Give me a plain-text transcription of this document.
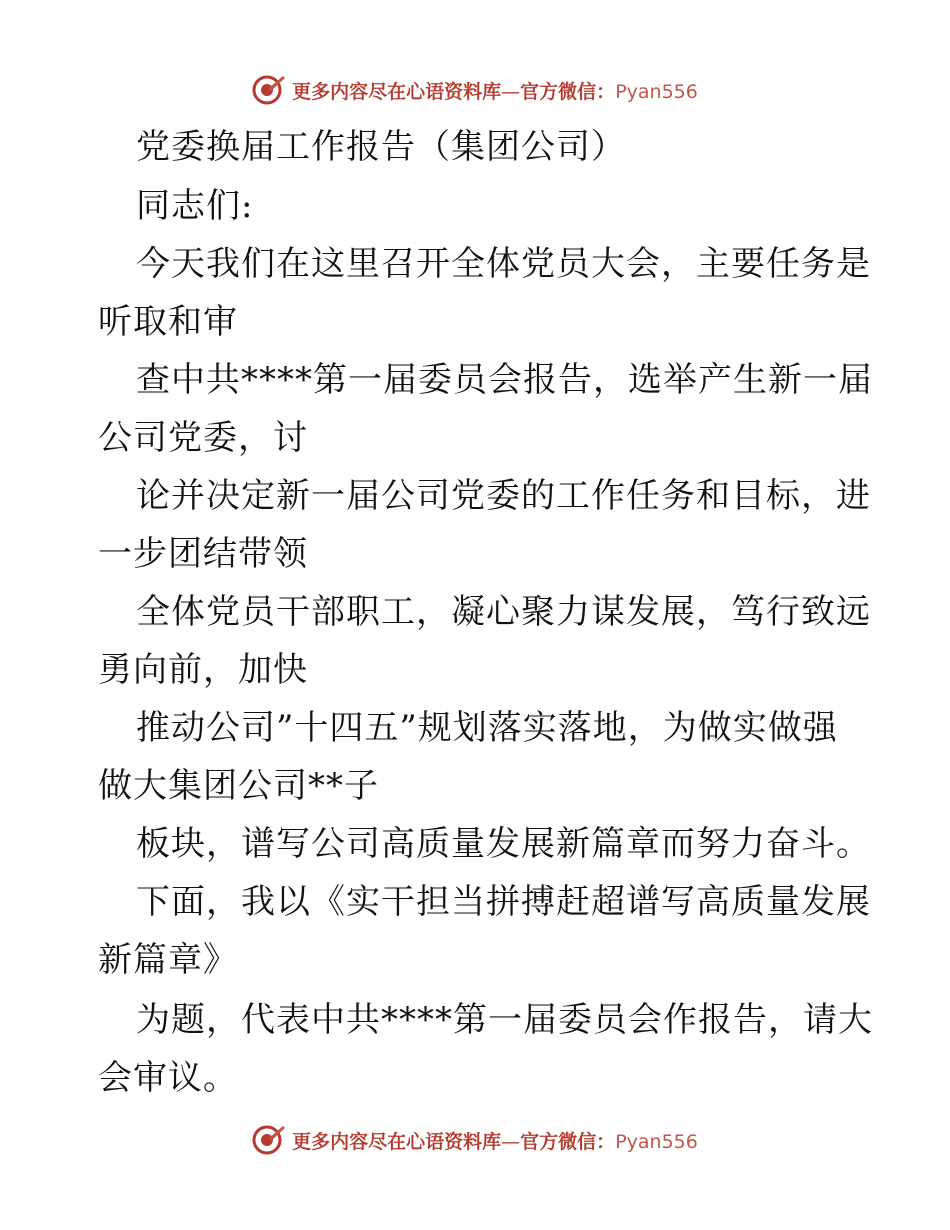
更多内容尽在心语资料库—官方微信：Pyan556
党委换届工作报告（集团公司）
同志们:
今天我们在这里召开全体党员大会，主要任务是
听取和审
查中共****第一届委员会报告，选举产生新一届
公司党委，讨
论并决定新一届公司党委的工作任务和目标，进
一步团结带领
全体党员干部职工，凝心聚力谋发展，笃行致远
勇向前，加快
推动公司”十四五”规划落实落地，为做实做强
做大集团公司**子
板块，谱写公司高质量发展新篇章而努力奋斗。
下面，我以《实干担当拼搏赶超谱写高质量发展
新篇章》
为题，代表中共****第一届委员会作报告，请大
会审议。
更多内容尽在心语资料库—官方微信：Pyan556
